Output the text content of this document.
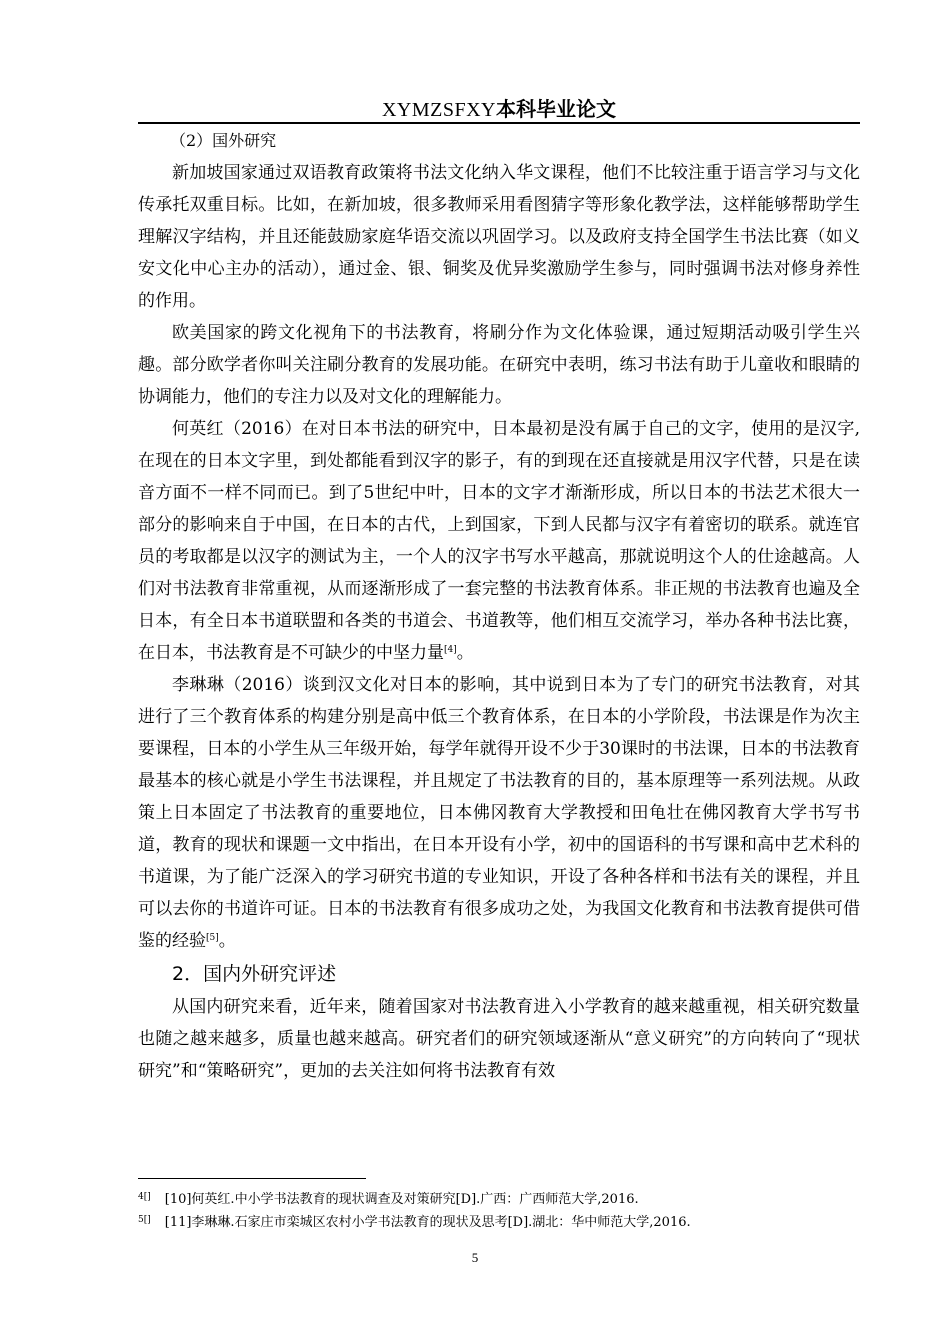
XYMZSFXY本科毕业论文

（2）国外研究

新加坡国家通过双语教育政策将书法文化纳入华文课程，他们不比较注重于语言学习与文化传承托双重目标。比如，在新加坡，很多教师采用看图猜字等形象化教学法，这样能够帮助学生理解汉字结构，并且还能鼓励家庭华语交流以巩固学习。以及政府支持全国学生书法比赛（如义安文化中心主办的活动），通过金、银、铜奖及优异奖激励学生参与，同时强调书法对修身养性的作用。

欧美国家的跨文化视角下的书法教育，将刷分作为文化体验课，通过短期活动吸引学生兴趣。部分欧学者你叫关注刷分教育的发展功能。在研究中表明，练习书法有助于儿童收和眼睛的协调能力，他们的专注力以及对文化的理解能力。

何英红（2016）在对日本书法的研究中，日本最初是没有属于自己的文字，使用的是汉字,在现在的日本文字里，到处都能看到汉字的影子，有的到现在还直接就是用汉字代替，只是在读音方面不一样不同而已。到了5世纪中叶，日本的文字才渐渐形成，所以日本的书法艺术很大一部分的影响来自于中国，在日本的古代，上到国家，下到人民都与汉字有着密切的联系。就连官员的考取都是以汉字的测试为主，一个人的汉字书写水平越高，那就说明这个人的仕途越高。人们对书法教育非常重视，从而逐渐形成了一套完整的书法教育体系。非正规的书法教育也遍及全日本，有全日本书道联盟和各类的书道会、书道教等，他们相互交流学习，举办各种书法比赛，在日本，书法教育是不可缺少的中坚力量[4]。

李琳琳（2016）谈到汉文化对日本的影响，其中说到日本为了专门的研究书法教育，对其进行了三个教育体系的构建分别是高中低三个教育体系，在日本的小学阶段，书法课是作为次主要课程，日本的小学生从三年级开始，每学年就得开设不少于30课时的书法课，日本的书法教育最基本的核心就是小学生书法课程，并且规定了书法教育的目的，基本原理等一系列法规。从政策上日本固定了书法教育的重要地位，日本佛冈教育大学教授和田龟壮在佛冈教育大学书写书道，教育的现状和课题一文中指出，在日本开设有小学，初中的国语科的书写课和高中艺术科的书道课，为了能广泛深入的学习研究书道的专业知识，开设了各种各样和书法有关的课程，并且可以去你的书道许可证。日本的书法教育有很多成功之处，为我国文化教育和书法教育提供可借鉴的经验[5]。

2．国内外研究评述

从国内研究来看，近年来，随着国家对书法教育进入小学教育的越来越重视，相关研究数量也随之越来越多，质量也越来越高。研究者们的研究领域逐渐从“意义研究”的方向转向了“现状研究”和“策略研究”，更加的去关注如何将书法教育有效

$^{4[]}$ [10]何英红.中小学书法教育的现状调查及对策研究[D].广西：广西师范大学,2016.
$^{5[]}$ [11]李琳琳.石家庄市栾城区农村小学书法教育的现状及思考[D].湖北：华中师范大学,2016.
5
